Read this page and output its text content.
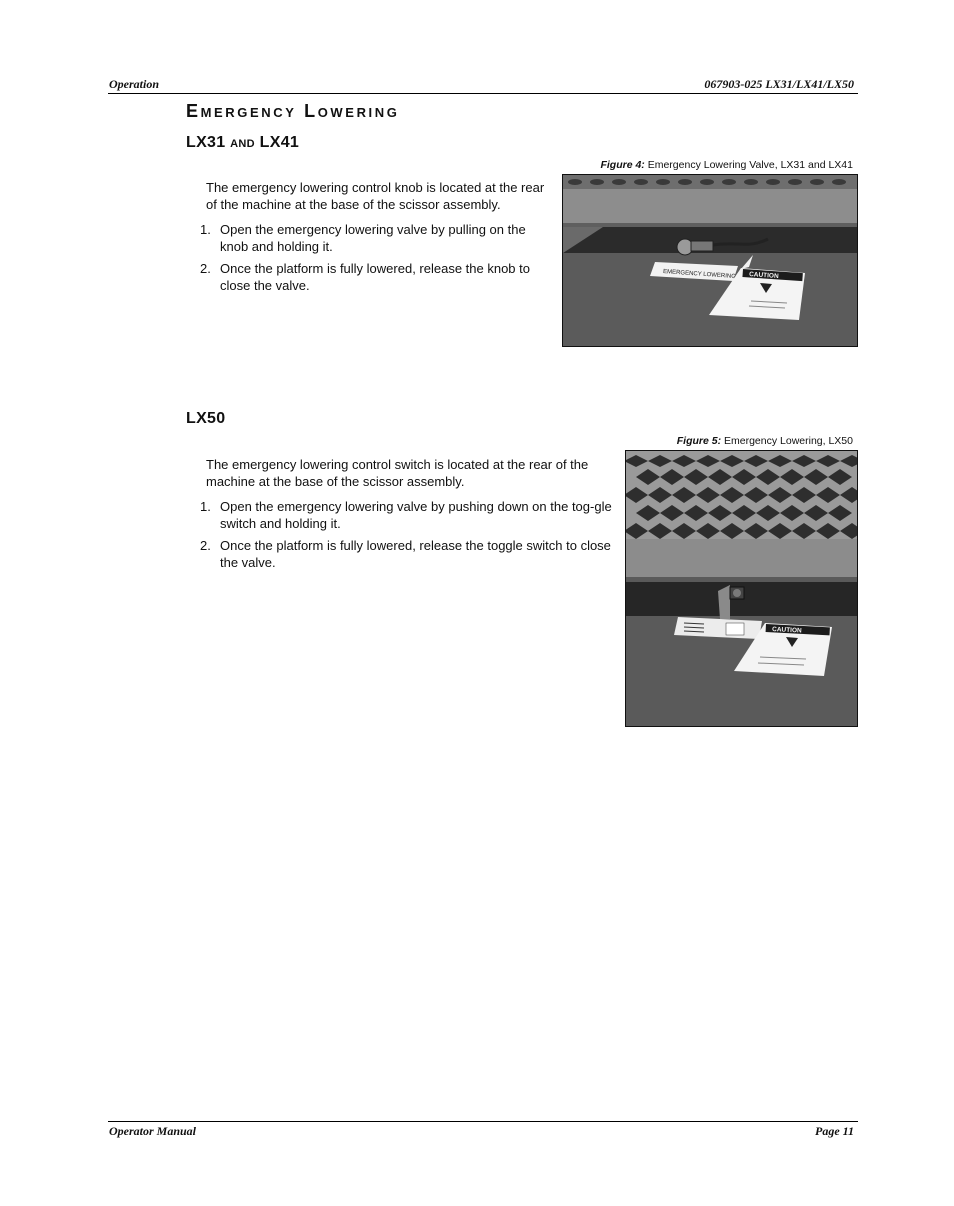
Operation	067903-025 LX31/LX41/LX50
Emergency Lowering
LX31 and LX41
Figure 4: Emergency Lowering Valve, LX31 and LX41

The emergency lowering control knob is located at the rear of the machine at the base of the scissor assembly.

1. Open the emergency lowering valve by pulling on the knob and holding it.
2. Once the platform is fully lowered, release the knob to close the valve.
EMERGENCY LOWERING CAUTION
LX50
Figure 5: Emergency Lowering, LX50

The emergency lowering control switch is located at the rear of the machine at the base of the scissor assembly.

1. Open the emergency lowering valve by pushing down on the tog-gle switch and holding it.
2. Once the platform is fully lowered, release the toggle switch to close the valve.
CAUTION
Operator Manual	Page 11
